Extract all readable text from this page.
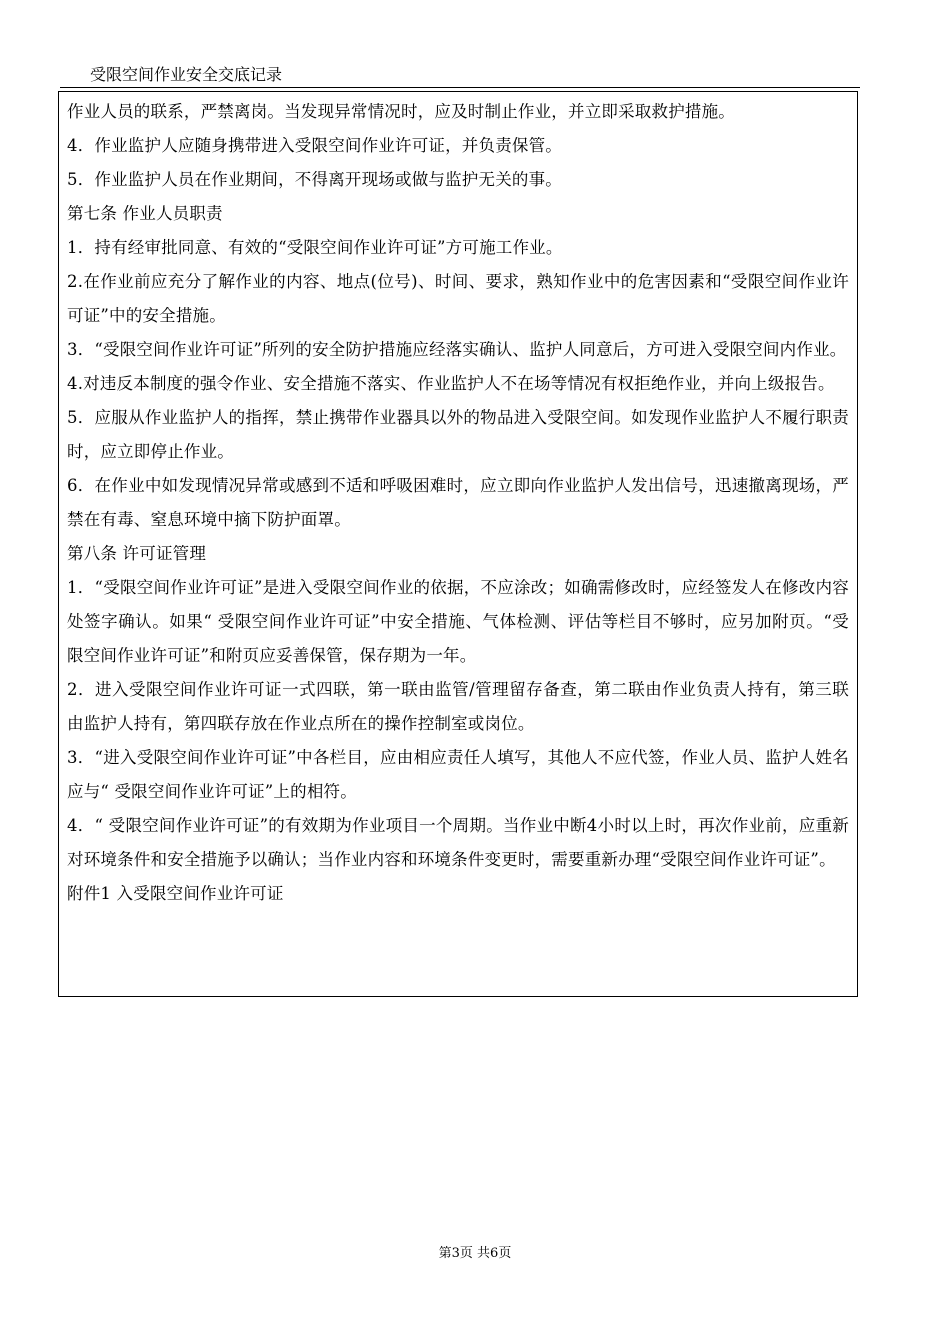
受限空间作业安全交底记录

作业人员的联系，严禁离岗。当发现异常情况时，应及时制止作业，并立即采取救护措施。

4．作业监护人应随身携带进入受限空间作业许可证，并负责保管。

5．作业监护人员在作业期间，不得离开现场或做与监护无关的事。

第七条 作业人员职责

1．持有经审批同意、有效的“受限空间作业许可证”方可施工作业。

2.在作业前应充分了解作业的内容、地点(位号)、时间、要求，熟知作业中的危害因素和“受限空间作业许可证”中的安全措施。

3．“受限空间作业许可证”所列的安全防护措施应经落实确认、监护人同意后，方可进入受限空间内作业。

4.对违反本制度的强令作业、安全措施不落实、作业监护人不在场等情况有权拒绝作业，并向上级报告。

5．应服从作业监护人的指挥，禁止携带作业器具以外的物品进入受限空间。如发现作业监护人不履行职责时，应立即停止作业。

6．在作业中如发现情况异常或感到不适和呼吸困难时，应立即向作业监护人发出信号，迅速撤离现场，严禁在有毒、窒息环境中摘下防护面罩。

第八条 许可证管理

1．“受限空间作业许可证”是进入受限空间作业的依据，不应涂改；如确需修改时，应经签发人在修改内容处签字确认。如果“ 受限空间作业许可证”中安全措施、气体检测、评估等栏目不够时，应另加附页。“受限空间作业许可证”和附页应妥善保管，保存期为一年。

2．进入受限空间作业许可证一式四联，第一联由监管/管理留存备查，第二联由作业负责人持有，第三联由监护人持有，第四联存放在作业点所在的操作控制室或岗位。

3．“进入受限空间作业许可证”中各栏目，应由相应责任人填写，其他人不应代签，作业人员、监护人姓名应与“ 受限空间作业许可证”上的相符。

4．“ 受限空间作业许可证”的有效期为作业项目一个周期。当作业中断4小时以上时，再次作业前，应重新对环境条件和安全措施予以确认；当作业内容和环境条件变更时，需要重新办理“受限空间作业许可证”。

附件1 入受限空间作业许可证

第3页 共6页
